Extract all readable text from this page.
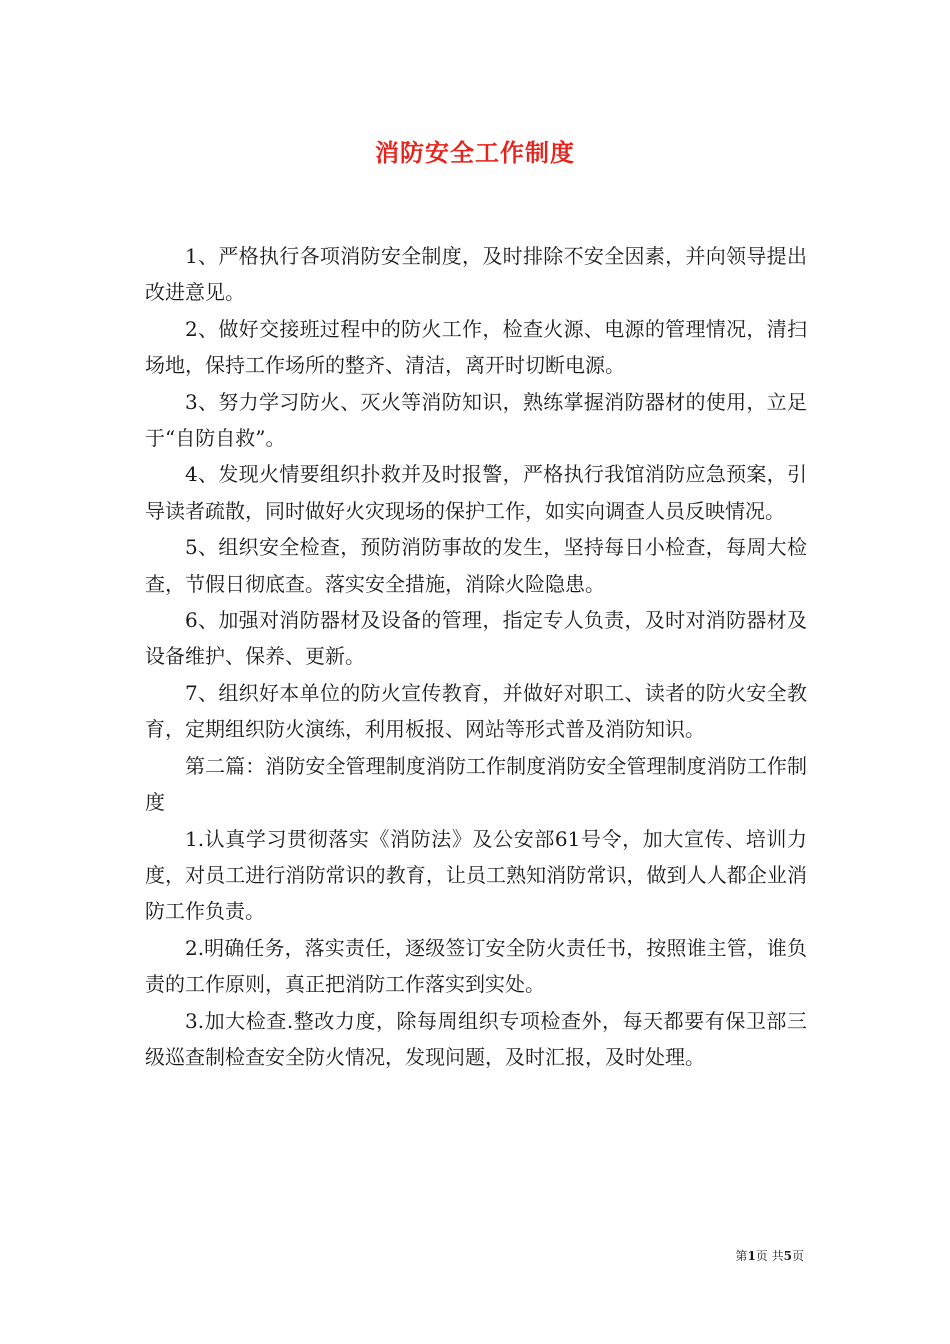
消防安全工作制度

1、严格执行各项消防安全制度，及时排除不安全因素，并向领导提出改进意见。

2、做好交接班过程中的防火工作，检查火源、电源的管理情况，清扫场地，保持工作场所的整齐、清洁，离开时切断电源。

3、努力学习防火、灭火等消防知识，熟练掌握消防器材的使用，立足于“自防自救”。

4、发现火情要组织扑救并及时报警，严格执行我馆消防应急预案，引导读者疏散，同时做好火灾现场的保护工作，如实向调查人员反映情况。

5、组织安全检查，预防消防事故的发生，坚持每日小检查，每周大检查，节假日彻底查。落实安全措施，消除火险隐患。

6、加强对消防器材及设备的管理，指定专人负责，及时对消防器材及设备维护、保养、更新。

7、组织好本单位的防火宣传教育，并做好对职工、读者的防火安全教育，定期组织防火演练，利用板报、网站等形式普及消防知识。

第二篇：消防安全管理制度消防工作制度消防安全管理制度消防工作制度

1.认真学习贯彻落实《消防法》及公安部61号令，加大宣传、培训力度，对员工进行消防常识的教育，让员工熟知消防常识，做到人人都企业消防工作负责。

2.明确任务，落实责任，逐级签订安全防火责任书，按照谁主管，谁负责的工作原则，真正把消防工作落实到实处。

3.加大检查.整改力度，除每周组织专项检查外，每天都要有保卫部三级巡查制检查安全防火情况，发现问题，及时汇报，及时处理。

第1页 共5页
